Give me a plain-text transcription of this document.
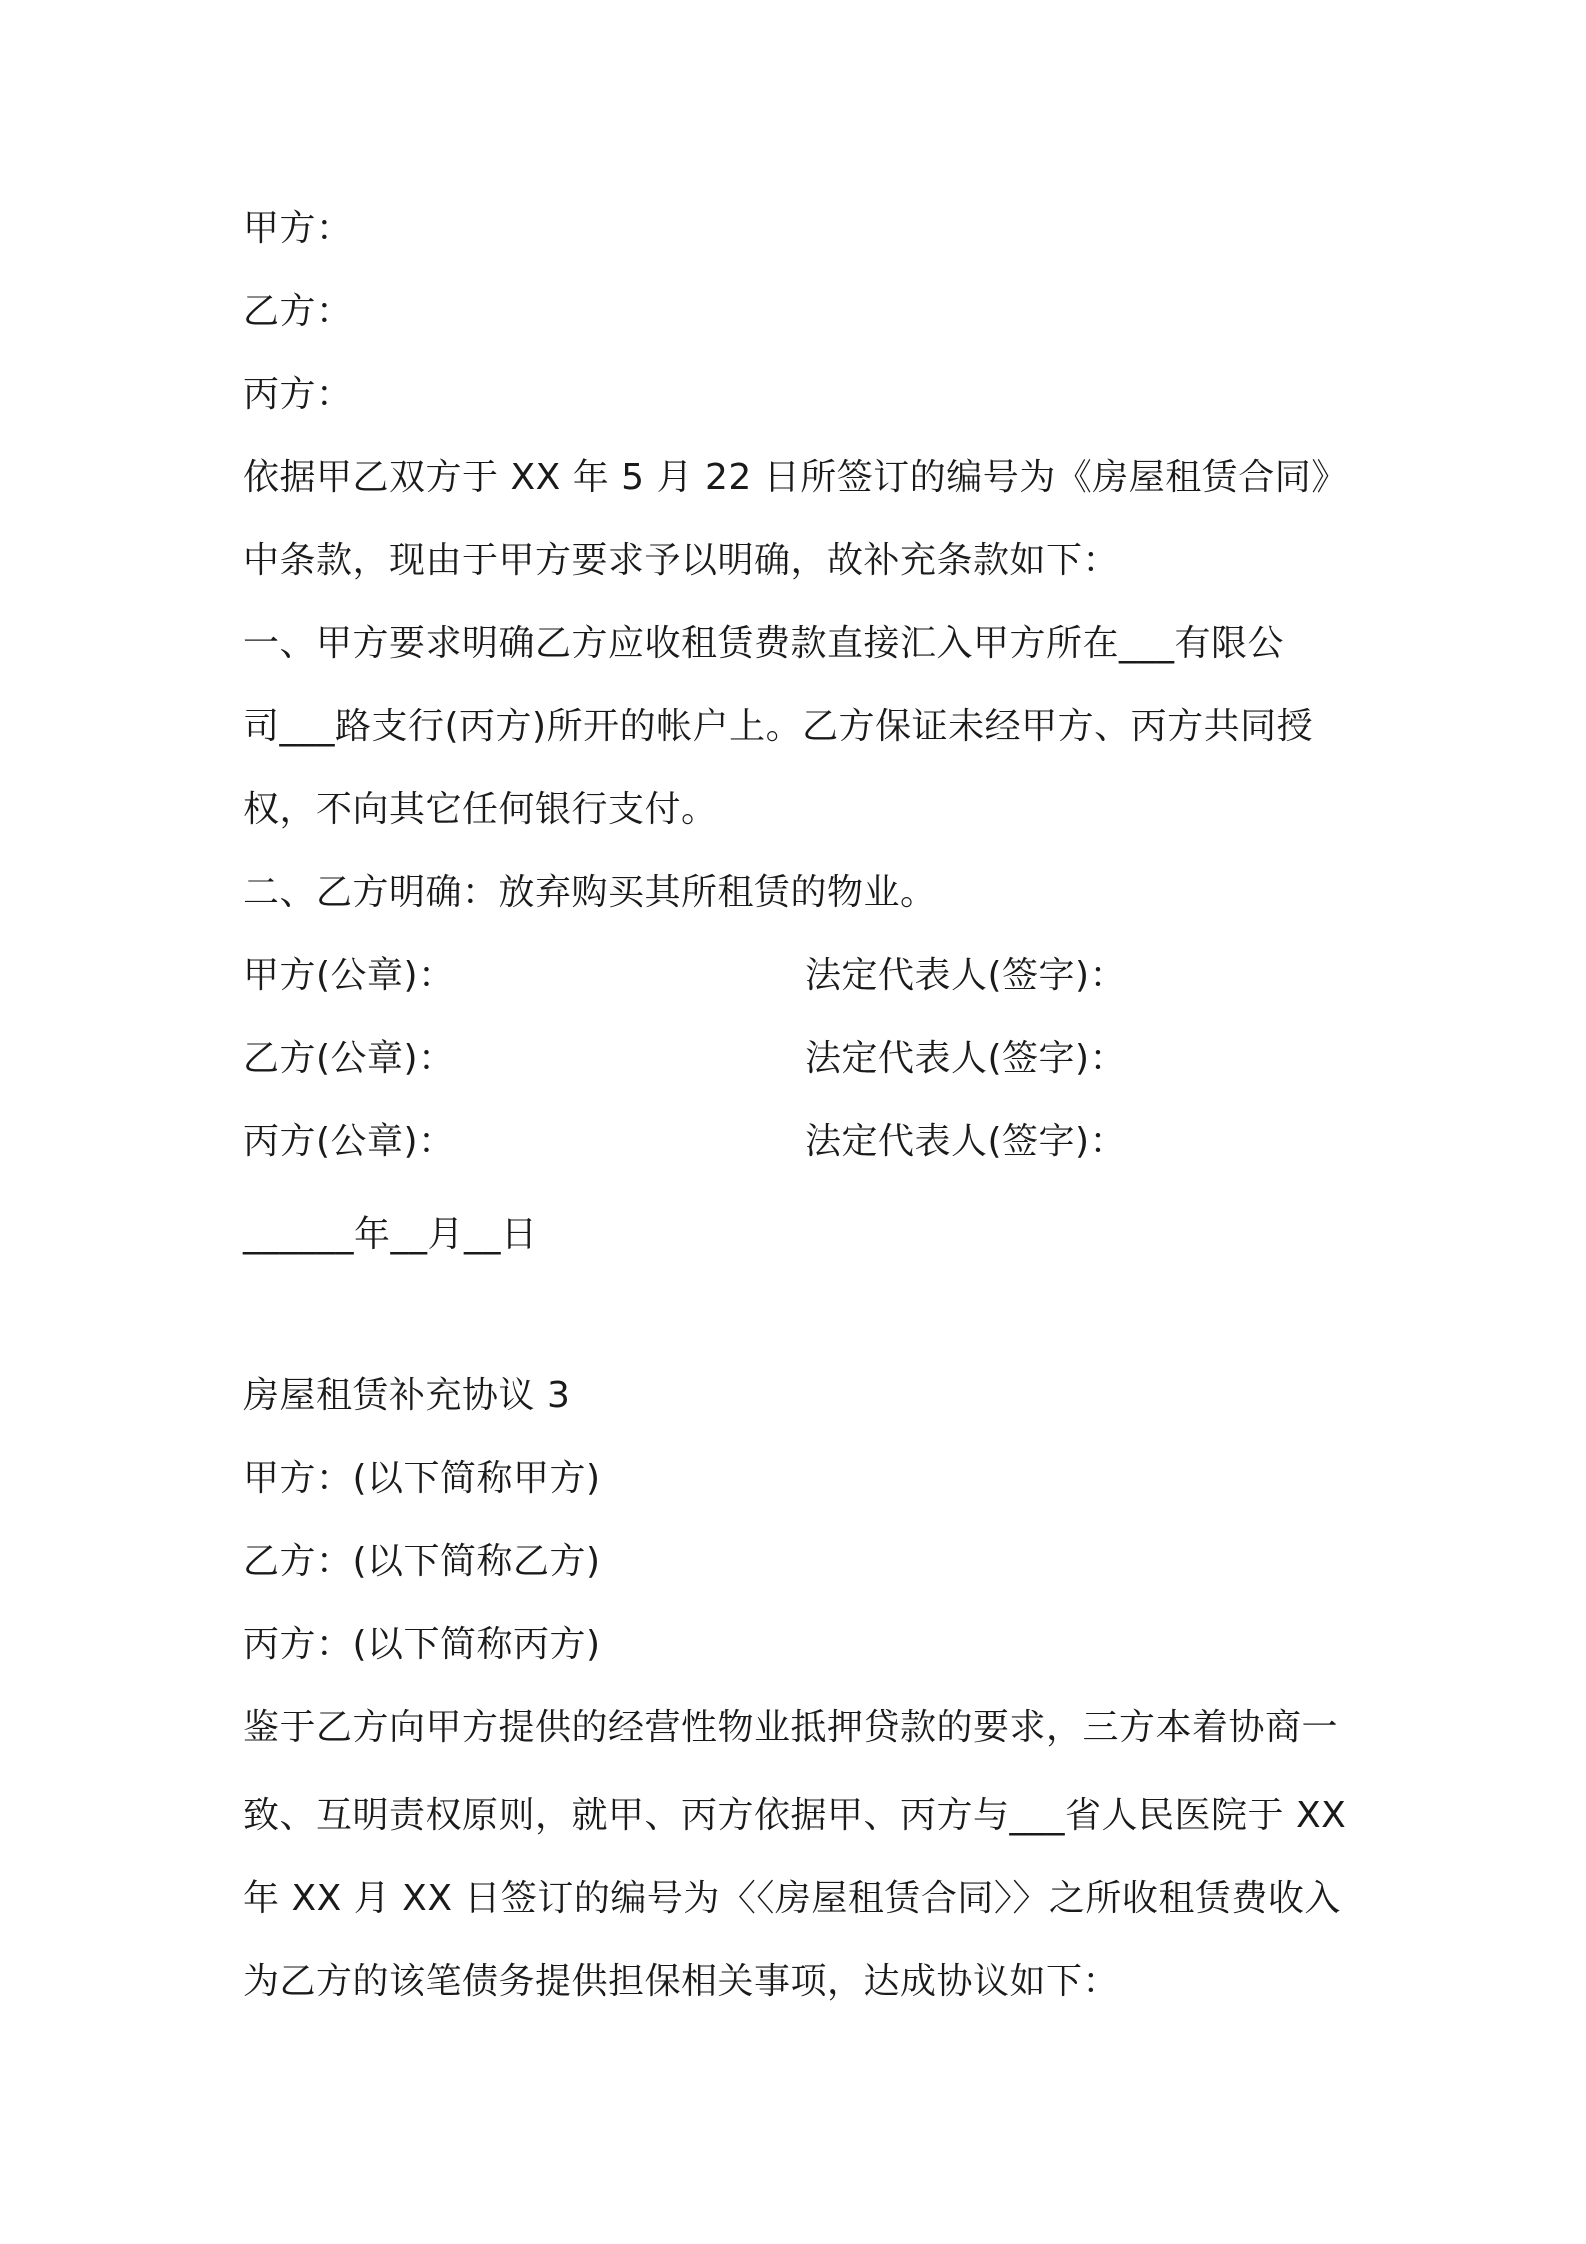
甲方：
乙方：
丙方：
依据甲乙双方于 XX 年 5 月 22 日所签订的编号为《房屋租赁合同》
中条款，现由于甲方要求予以明确，故补充条款如下：
一、甲方要求明确乙方应收租赁费款直接汇入甲方所在___有限公
司___路支行(丙方)所开的帐户上。乙方保证未经甲方、丙方共同授
权，不向其它任何银行支付。
二、乙方明确：放弃购买其所租赁的物业。
甲方(公章)：	法定代表人(签字)：
乙方(公章)：	法定代表人(签字)：
丙方(公章)：	法定代表人(签字)：
______年__月__日
房屋租赁补充协议 3
甲方：(以下简称甲方)
乙方：(以下简称乙方)
丙方：(以下简称丙方)
鉴于乙方向甲方提供的经营性物业抵押贷款的要求，三方本着协商一
致、互明责权原则，就甲、丙方依据甲、丙方与___省人民医院于 XX
年 XX 月 XX 日签订的编号为〈〈房屋租赁合同〉〉之所收租赁费收入
为乙方的该笔债务提供担保相关事项，达成协议如下：
